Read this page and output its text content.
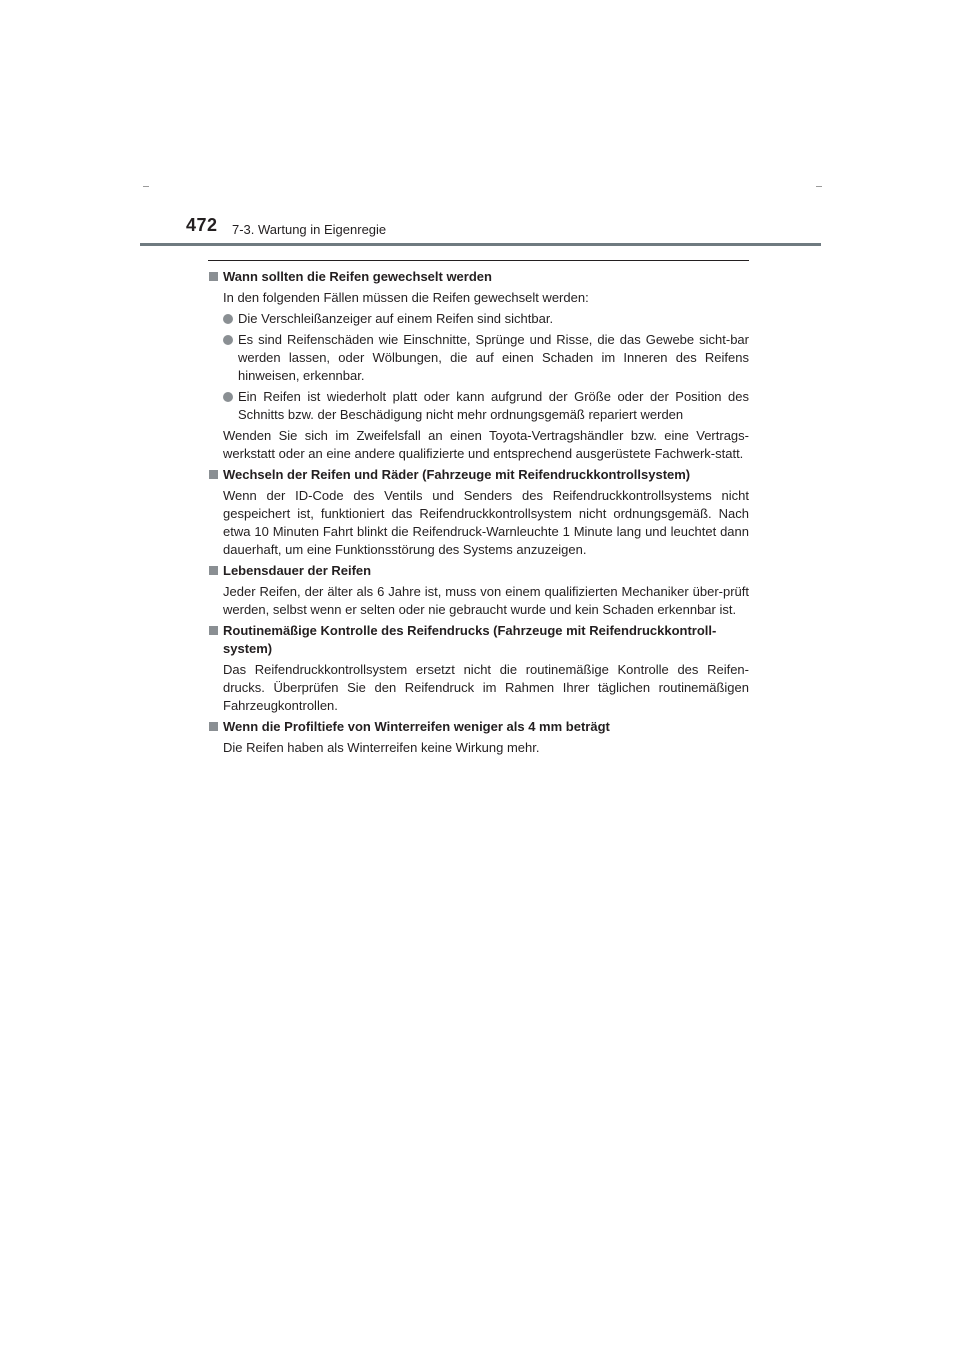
472 7-3. Wartung in Eigenregie
Wann sollten die Reifen gewechselt werden
In den folgenden Fällen müssen die Reifen gewechselt werden:
Die Verschleißanzeiger auf einem Reifen sind sichtbar.
Es sind Reifenschäden wie Einschnitte, Sprünge und Risse, die das Gewebe sicht-bar werden lassen, oder Wölbungen, die auf einen Schaden im Inneren des Reifens hinweisen, erkennbar.
Ein Reifen ist wiederholt platt oder kann aufgrund der Größe oder der Position des Schnitts bzw. der Beschädigung nicht mehr ordnungsgemäß repariert werden
Wenden Sie sich im Zweifelsfall an einen Toyota-Vertragshändler bzw. eine Vertrags-werkstatt oder an eine andere qualifizierte und entsprechend ausgerüstete Fachwerk-statt.
Wechseln der Reifen und Räder (Fahrzeuge mit Reifendruckkontrollsystem)
Wenn der ID-Code des Ventils und Senders des Reifendruckkontrollsystems nicht gespeichert ist, funktioniert das Reifendruckkontrollsystem nicht ordnungsgemäß. Nach etwa 10 Minuten Fahrt blinkt die Reifendruck-Warnleuchte 1 Minute lang und leuchtet dann dauerhaft, um eine Funktionsstörung des Systems anzuzeigen.
Lebensdauer der Reifen
Jeder Reifen, der älter als 6 Jahre ist, muss von einem qualifizierten Mechaniker über-prüft werden, selbst wenn er selten oder nie gebraucht wurde und kein Schaden erkennbar ist.
Routinemäßige Kontrolle des Reifendrucks (Fahrzeuge mit Reifendruckkontroll-system)
Das Reifendruckkontrollsystem ersetzt nicht die routinemäßige Kontrolle des Reifen-drucks. Überprüfen Sie den Reifendruck im Rahmen Ihrer täglichen routinemäßigen Fahrzeugkontrollen.
Wenn die Profiltiefe von Winterreifen weniger als 4 mm beträgt
Die Reifen haben als Winterreifen keine Wirkung mehr.
